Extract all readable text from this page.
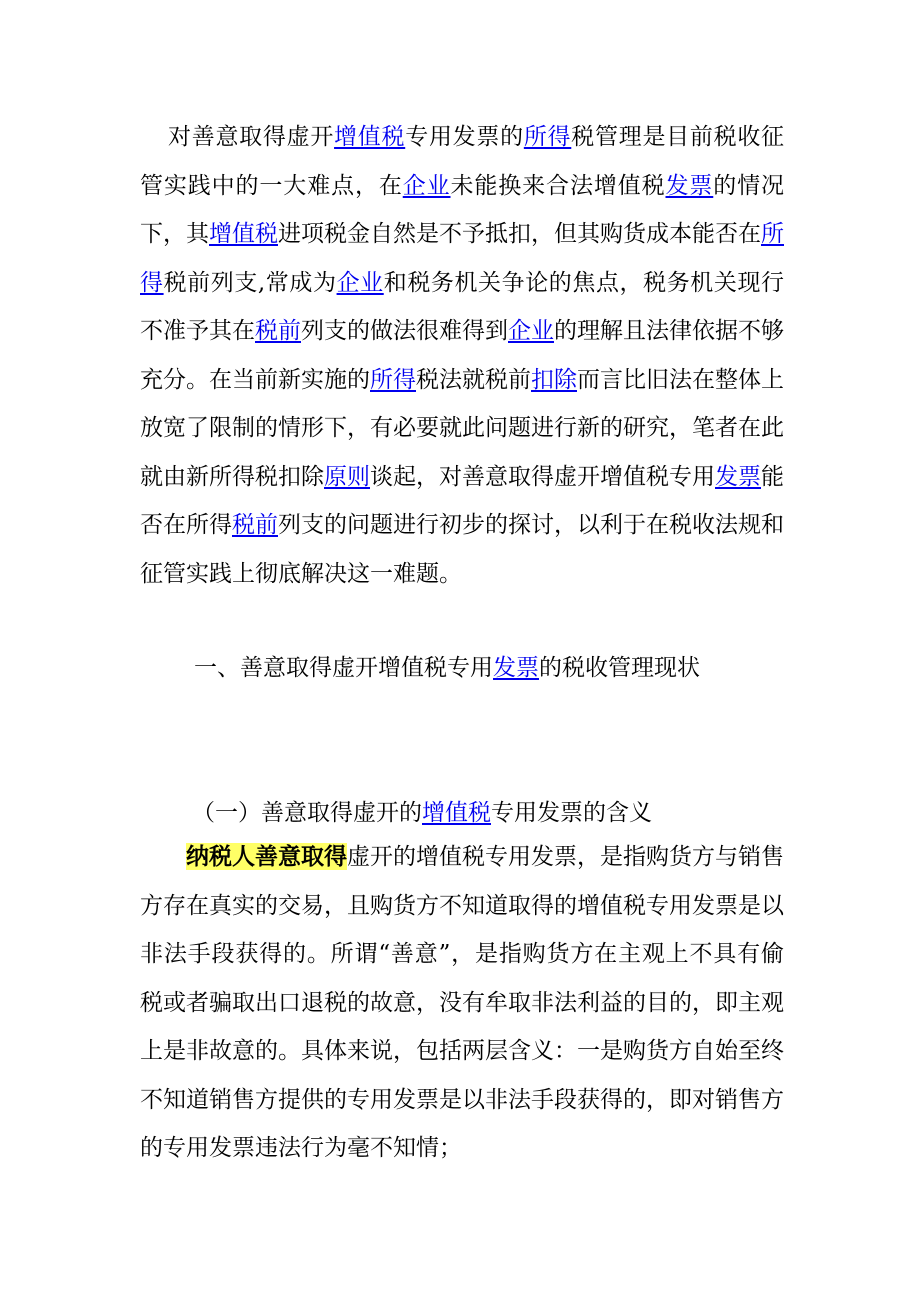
对善意取得虚开增值税专用发票的所得税管理是目前税收征管实践中的一大难点，在企业未能换来合法增值税发票的情况下，其增值税进项税金自然是不予抵扣，但其购货成本能否在所得税前列支,常成为企业和税务机关争论的焦点，税务机关现行不准予其在税前列支的做法很难得到企业的理解且法律依据不够充分。在当前新实施的所得税法就税前扣除而言比旧法在整体上放宽了限制的情形下，有必要就此问题进行新的研究，笔者在此就由新所得税扣除原则谈起，对善意取得虚开增值税专用发票能否在所得税前列支的问题进行初步的探讨，以利于在税收法规和征管实践上彻底解决这一难题。

一、善意取得虚开增值税专用发票的税收管理现状

（一）善意取得虚开的增值税专用发票的含义

纳税人善意取得虚开的增值税专用发票，是指购货方与销售方存在真实的交易，且购货方不知道取得的增值税专用发票是以非法手段获得的。所谓“善意”，是指购货方在主观上不具有偷税或者骗取出口退税的故意，没有牟取非法利益的目的，即主观上是非故意的。具体来说，包括两层含义：一是购货方自始至终不知道销售方提供的专用发票是以非法手段获得的，即对销售方的专用发票违法行为毫不知情；
